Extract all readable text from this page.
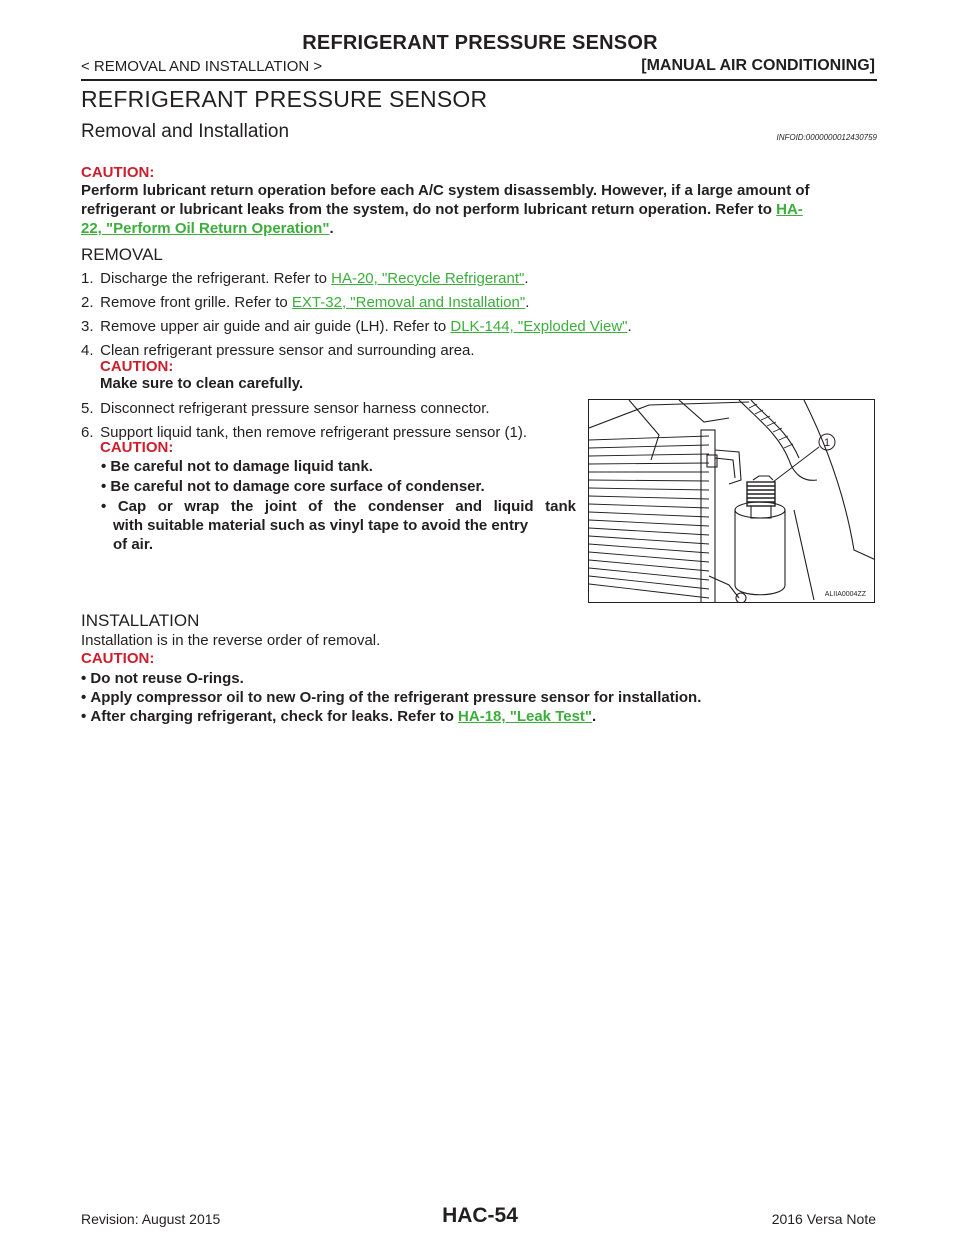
REFRIGERANT PRESSURE SENSOR
< REMOVAL AND INSTALLATION >	[MANUAL AIR CONDITIONING]
REFRIGERANT PRESSURE SENSOR
Removal and Installation	INFOID:0000000012430759
CAUTION:
Perform lubricant return operation before each A/C system disassembly. However, if a large amount of
refrigerant or lubricant leaks from the system, do not perform lubricant return operation. Refer to HA-
22, "Perform Oil Return Operation".
REMOVAL
1. Discharge the refrigerant. Refer to HA-20, "Recycle Refrigerant".
2. Remove front grille. Refer to EXT-32, "Removal and Installation".
3. Remove upper air guide and air guide (LH). Refer to DLK-144, "Exploded View".
4. Clean refrigerant pressure sensor and surrounding area.
CAUTION:
Make sure to clean carefully.
5. Disconnect refrigerant pressure sensor harness connector.
6. Support liquid tank, then remove refrigerant pressure sensor (1).
CAUTION:
• Be careful not to damage liquid tank.
• Be careful not to damage core surface of condenser.
• Cap or wrap the joint of the condenser and liquid tank
with suitable material such as vinyl tape to avoid the entry
of air.
1
ALIIA0004ZZ
INSTALLATION
Installation is in the reverse order of removal.
CAUTION:
• Do not reuse O-rings.
• Apply compressor oil to new O-ring of the refrigerant pressure sensor for installation.
• After charging refrigerant, check for leaks. Refer to HA-18, "Leak Test".
Revision: August 2015	HAC-54	2016 Versa Note
